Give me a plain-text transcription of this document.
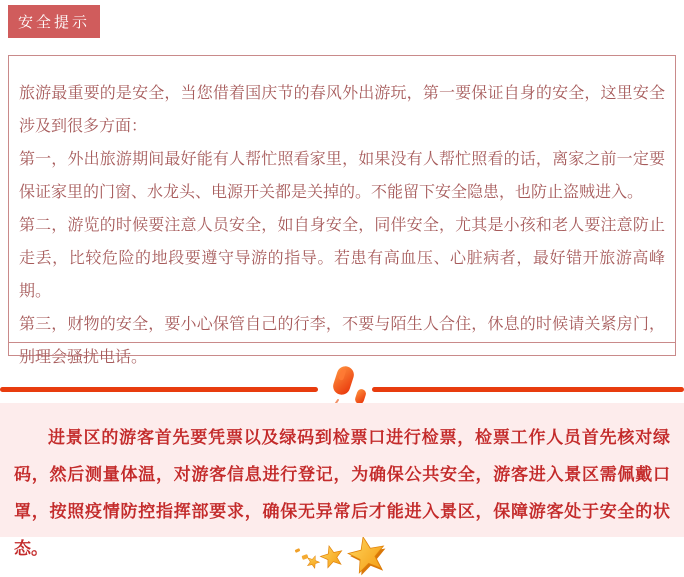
安全提示

旅游最重要的是安全，当您借着国庆节的春风外出游玩，第一要保证自身的安全，这里安全涉及到很多方面：

第一，外出旅游期间最好能有人帮忙照看家里，如果没有人帮忙照看的话，离家之前一定要保证家里的门窗、水龙头、电源开关都是关掉的。不能留下安全隐患，也防止盗贼进入。

第二，游览的时候要注意人员安全，如自身安全，同伴安全，尤其是小孩和老人要注意防止走丢，比较危险的地段要遵守导游的指导。若患有高血压、心脏病者，最好错开旅游高峰期。

第三，财物的安全，要小心保管自己的行李，不要与陌生人合住，休息的时候请关紧房门，别理会骚扰电话。

进景区的游客首先要凭票以及绿码到检票口进行检票，检票工作人员首先核对绿码，然后测量体温，对游客信息进行登记，为确保公共安全，游客进入景区需佩戴口罩，按照疫情防控指挥部要求，确保无异常后才能进入景区，保障游客处于安全的状态。
